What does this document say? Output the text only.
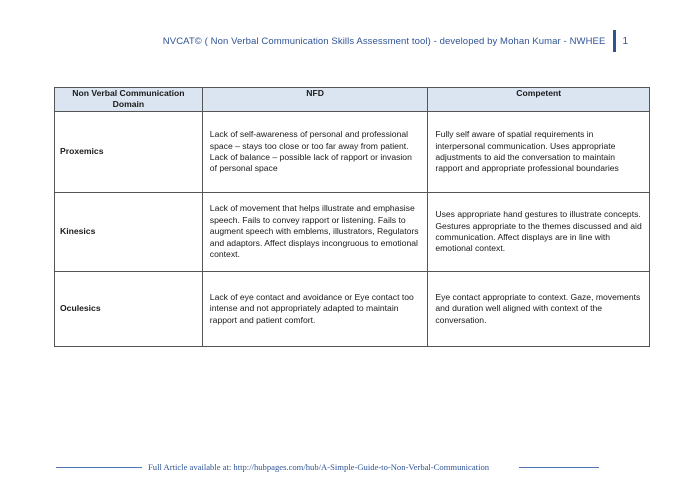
NVCAT© ( Non Verbal Communication Skills Assessment tool) - developed by Mohan Kumar - NWHEE 1
Non Verbal Communication Domain	NFD	Competent
Proxemics	Lack of self-awareness of personal and professional space – stays too close or too far away from patient. Lack of balance – possible lack of rapport or invasion of personal space	Fully self aware of spatial requirements in interpersonal communication. Uses appropriate adjustments to aid the conversation to maintain rapport and appropriate professional boundaries
Kinesics	Lack of movement that helps illustrate and emphasise speech. Fails to convey rapport or listening. Fails to augment speech with emblems, illustrators, Regulators and adaptors. Affect displays incongruous to emotional context.	Uses appropriate hand gestures to illustrate concepts. Gestures appropriate to the themes discussed and aid communication. Affect displays are in line with emotional context.
Oculesics	Lack of eye contact and avoidance or Eye contact too intense and not appropriately adapted to maintain rapport and patient comfort.	Eye contact appropriate to context. Gaze, movements and duration well aligned with context of the conversation.
Full Article available at: http://hubpages.com/hub/A-Simple-Guide-to-Non-Verbal-Communication
